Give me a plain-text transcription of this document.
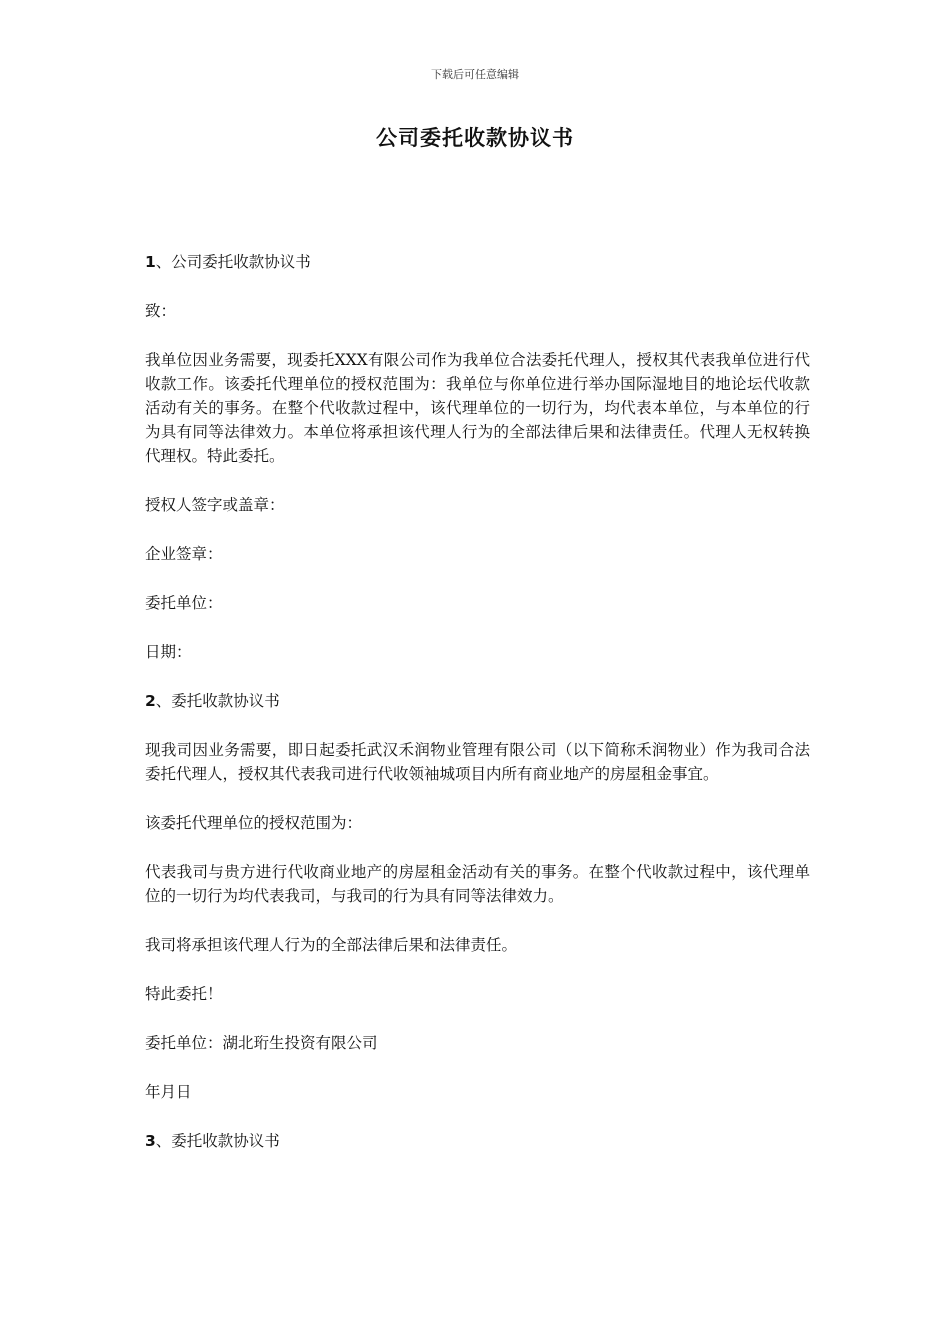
下载后可任意编辑
公司委托收款协议书

1、公司委托收款协议书

致：

我单位因业务需要，现委托XXX有限公司作为我单位合法委托代理人，授权其代表我单位进行代收款工作。该委托代理单位的授权范围为：我单位与你单位进行举办国际湿地目的地论坛代收款活动有关的事务。在整个代收款过程中，该代理单位的一切行为，均代表本单位，与本单位的行为具有同等法律效力。本单位将承担该代理人行为的全部法律后果和法律责任。代理人无权转换代理权。特此委托。

授权人签字或盖章：

企业签章：

委托单位：

日期：

2、委托收款协议书

现我司因业务需要，即日起委托武汉禾润物业管理有限公司（以下简称禾润物业）作为我司合法委托代理人，授权其代表我司进行代收领袖城项目内所有商业地产的房屋租金事宜。

该委托代理单位的授权范围为：

代表我司与贵方进行代收商业地产的房屋租金活动有关的事务。在整个代收款过程中，该代理单位的一切行为均代表我司，与我司的行为具有同等法律效力。

我司将承担该代理人行为的全部法律后果和法律责任。

特此委托！

委托单位：湖北珩生投资有限公司

年月日

3、委托收款协议书
